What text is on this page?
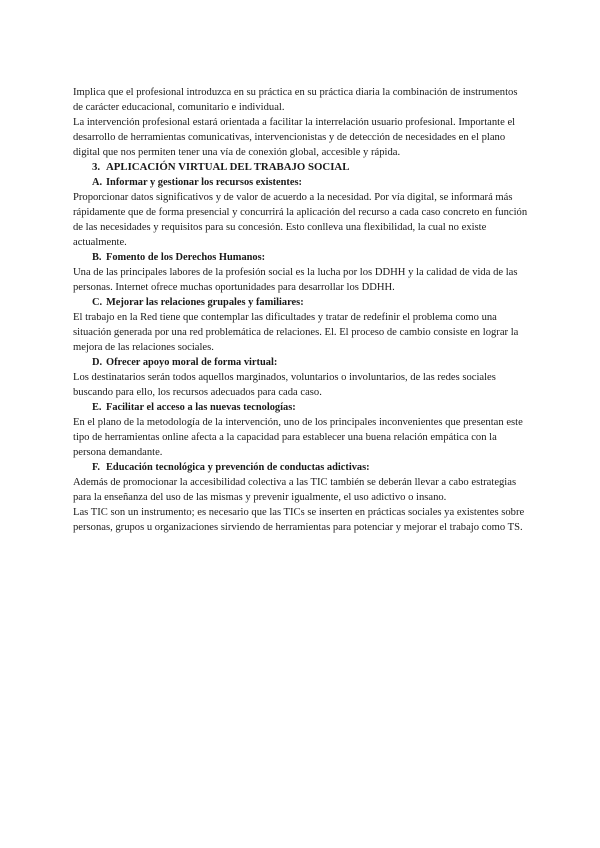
Implica que el profesional introduzca en su práctica en su práctica diaria la combinación de instrumentos de carácter educacional, comunitario e individual.

La intervención profesional estará orientada a facilitar la interrelación usuario profesional. Importante el desarrollo de herramientas comunicativas, intervencionistas y de detección de necesidades en el plano digital que nos permiten tener una vía de conexión global, accesible y rápida.

3. APLICACIÓN VIRTUAL DEL TRABAJO SOCIAL
A. Informar y gestionar los recursos existentes:

Proporcionar datos significativos y de valor de acuerdo a la necesidad. Por vía digital, se informará más rápidamente que de forma presencial y concurrirá la aplicación del recurso a cada caso concreto en función de las necesidades y requisitos para su concesión. Esto conlleva una flexibilidad, la cual no existe actualmente.

B. Fomento de los Derechos Humanos:

Una de las principales labores de la profesión social es la lucha por los DDHH y la calidad de vida de las personas. Internet ofrece muchas oportunidades para desarrollar los DDHH.

C. Mejorar las relaciones grupales y familiares:

El trabajo en la Red tiene que contemplar las dificultades y tratar de redefinir el problema como una situación generada por una red problemática de relaciones. El. El proceso de cambio consiste en lograr la mejora de las relaciones sociales.

D. Ofrecer apoyo moral de forma virtual:

Los destinatarios serán todos aquellos marginados, voluntarios o involuntarios, de las redes sociales buscando para ello, los recursos adecuados para cada caso.

E. Facilitar el acceso a las nuevas tecnologías:

En el plano de la metodología de la intervención, uno de los principales inconvenientes que presentan este tipo de herramientas online afecta a la capacidad para establecer una buena relación empática con la persona demandante.

F. Educación tecnológica y prevención de conductas adictivas:

Además de promocionar la accesibilidad colectiva a las TIC también se deberán llevar a cabo estrategias para la enseñanza del uso de las mismas y prevenir igualmente, el uso adictivo o insano.

Las TIC son un instrumento; es necesario que las TICs se inserten en prácticas sociales ya existentes sobre personas, grupos u organizaciones sirviendo de herramientas para potenciar y mejorar el trabajo como TS.
